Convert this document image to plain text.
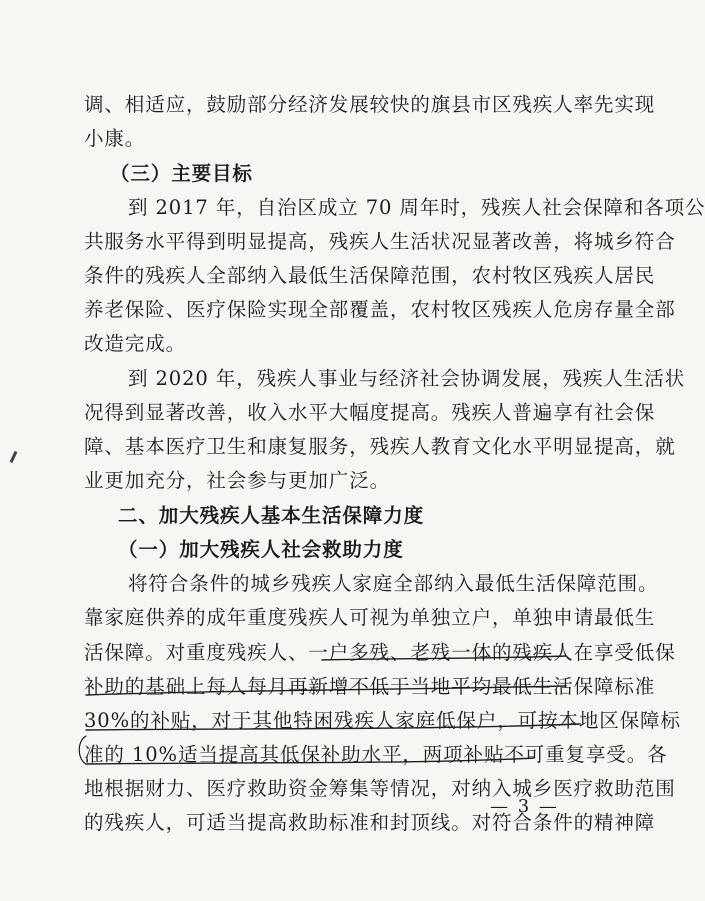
调、相适应，鼓励部分经济发展较快的旗县市区残疾人率先实现
小康。
（三）主要目标
到 2017 年，自治区成立 70 周年时，残疾人社会保障和各项公
共服务水平得到明显提高，残疾人生活状况显著改善，将城乡符合
条件的残疾人全部纳入最低生活保障范围，农村牧区残疾人居民
养老保险、医疗保险实现全部覆盖，农村牧区残疾人危房存量全部
改造完成。
到 2020 年，残疾人事业与经济社会协调发展，残疾人生活状
况得到显著改善，收入水平大幅度提高。残疾人普遍享有社会保
障、基本医疗卫生和康复服务，残疾人教育文化水平明显提高，就
业更加充分，社会参与更加广泛。
二、加大残疾人基本生活保障力度
（一）加大残疾人社会救助力度
将符合条件的城乡残疾人家庭全部纳入最低生活保障范围。
靠家庭供养的成年重度残疾人可视为单独立户，单独申请最低生
活保障。对重度残疾人、一户多残、老残一体的残疾人在享受低保
补助的基础上每人每月再新增不低于当地平均最低生活保障标准
30%的补贴，对于其他特困残疾人家庭低保户，可按本地区保障标
准的 10%适当提高其低保补助水平，两项补贴不可重复享受。各
地根据财力、医疗救助资金筹集等情况，对纳入城乡医疗救助范围
的残疾人，可适当提高救助标准和封顶线。对符合条件的精神障
— 3 —
